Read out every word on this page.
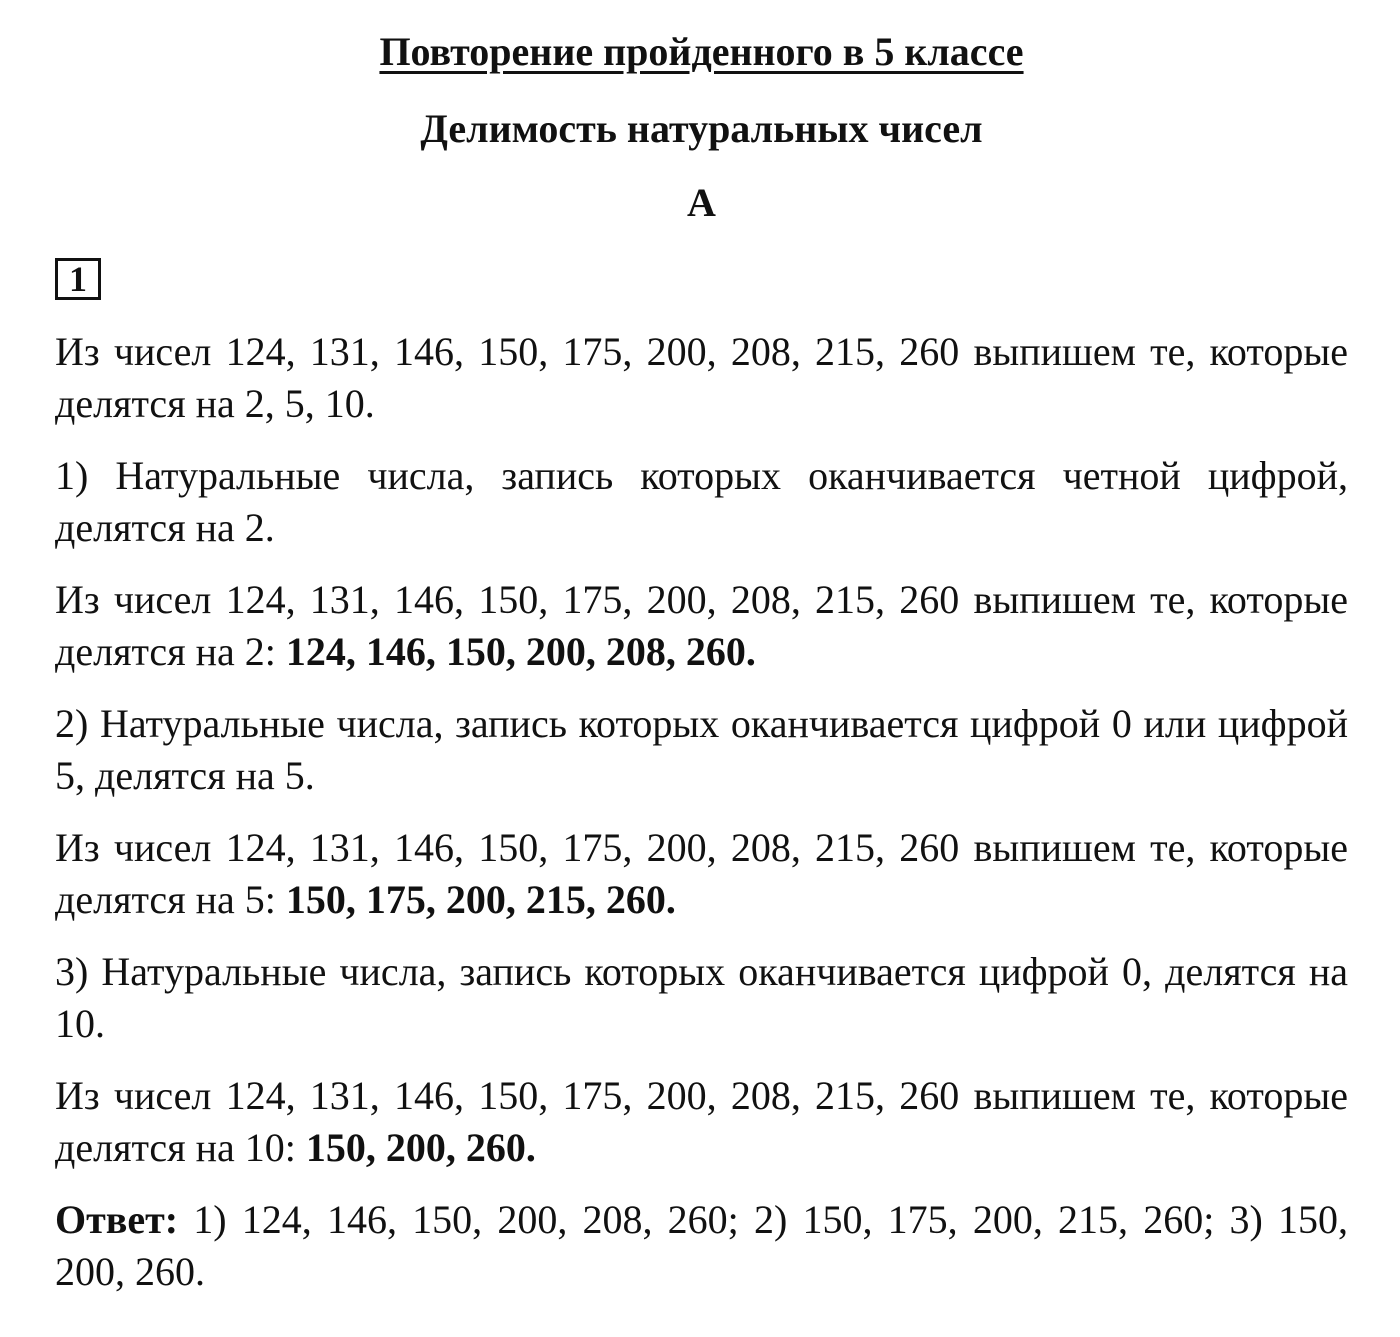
Повторение пройденного в 5 классе
Делимость натуральных чисел
А
1

Из чисел 124, 131, 146, 150, 175, 200, 208, 215, 260 выпишем те, которые делятся на 2, 5, 10.

1) Натуральные числа, запись которых оканчивается четной цифрой, делятся на 2.

Из чисел 124, 131, 146, 150, 175, 200, 208, 215, 260 выпишем те, которые делятся на 2: 124, 146, 150, 200, 208, 260.

2) Натуральные числа, запись которых оканчивается цифрой 0 или цифрой 5, делятся на 5.

Из чисел 124, 131, 146, 150, 175, 200, 208, 215, 260 выпишем те, которые делятся на 5: 150, 175, 200, 215, 260.

3) Натуральные числа, запись которых оканчивается цифрой 0, делятся на 10.

Из чисел 124, 131, 146, 150, 175, 200, 208, 215, 260 выпишем те, которые делятся на 10: 150, 200, 260.

Ответ: 1) 124, 146, 150, 200, 208, 260; 2) 150, 175, 200, 215, 260; 3) 150, 200, 260.
